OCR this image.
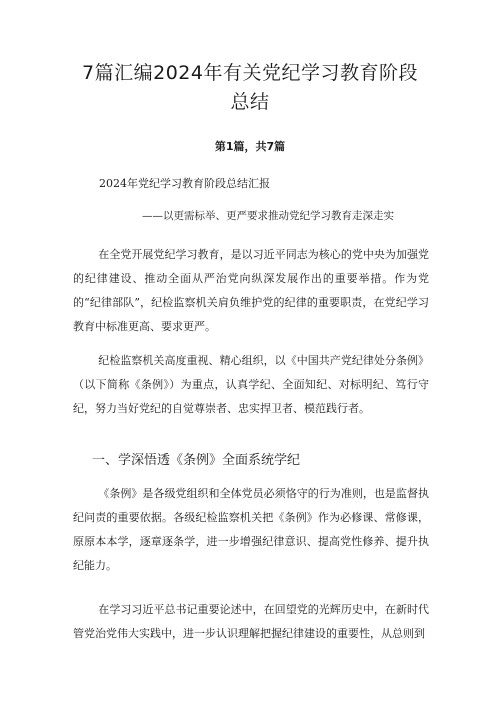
7篇汇编2024年有关党纪学习教育阶段总结
第1篇，共7篇
2024年党纪学习教育阶段总结汇报
——以更需标举、更严要求推动党纪学习教育走深走实

在全党开展党纪学习教育，是以习近平同志为核心的党中央为加强党的纪律建设、推动全面从严治党向纵深发展作出的重要举措。作为党的“纪律部队”，纪检监察机关肩负维护党的纪律的重要职责，在党纪学习教育中标准更高、要求更严。

纪检监察机关高度重视、精心组织，以《中国共产党纪律处分条例》（以下简称《条例》）为重点，认真学纪、全面知纪、对标明纪、笃行守纪，努力当好党纪的自觉尊崇者、忠实捍卫者、模范践行者。

一、学深悟透《条例》全面系统学纪

《条例》是各级党组织和全体党员必须恪守的行为准则，也是监督执纪问责的重要依据。各级纪检监察机关把《条例》作为必修课、常修课，原原本本学，逐章逐条学，进一步增强纪律意识、提高党性修养、提升执纪能力。

在学习习近平总书记重要论述中，在回望党的光辉历史中，在新时代管党治党伟大实践中，进一步认识理解把握纪律建设的重要性，从总则到
